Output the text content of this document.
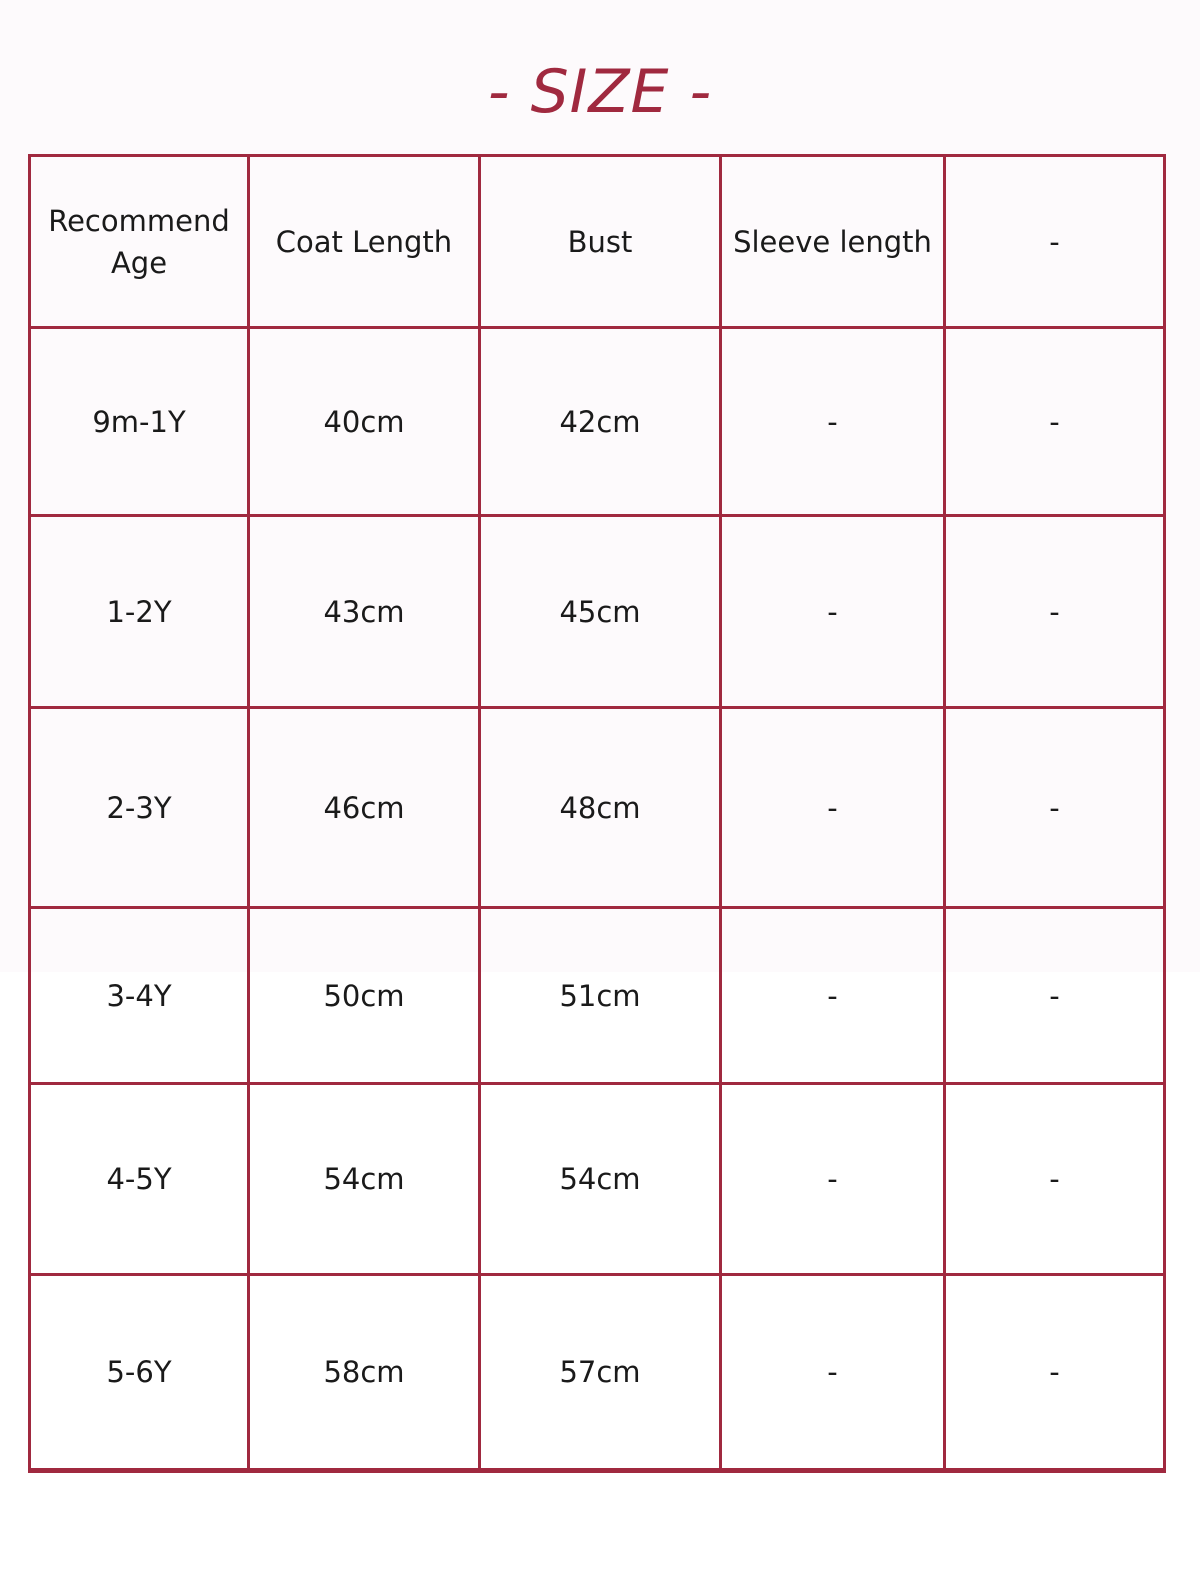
- SIZE -
Recommend Age	Coat Length	Bust	Sleeve length	-
9m-1Y	40cm	42cm	-	-
1-2Y	43cm	45cm	-	-
2-3Y	46cm	48cm	-	-
3-4Y	50cm	51cm	-	-
4-5Y	54cm	54cm	-	-
5-6Y	58cm	57cm	-	-
